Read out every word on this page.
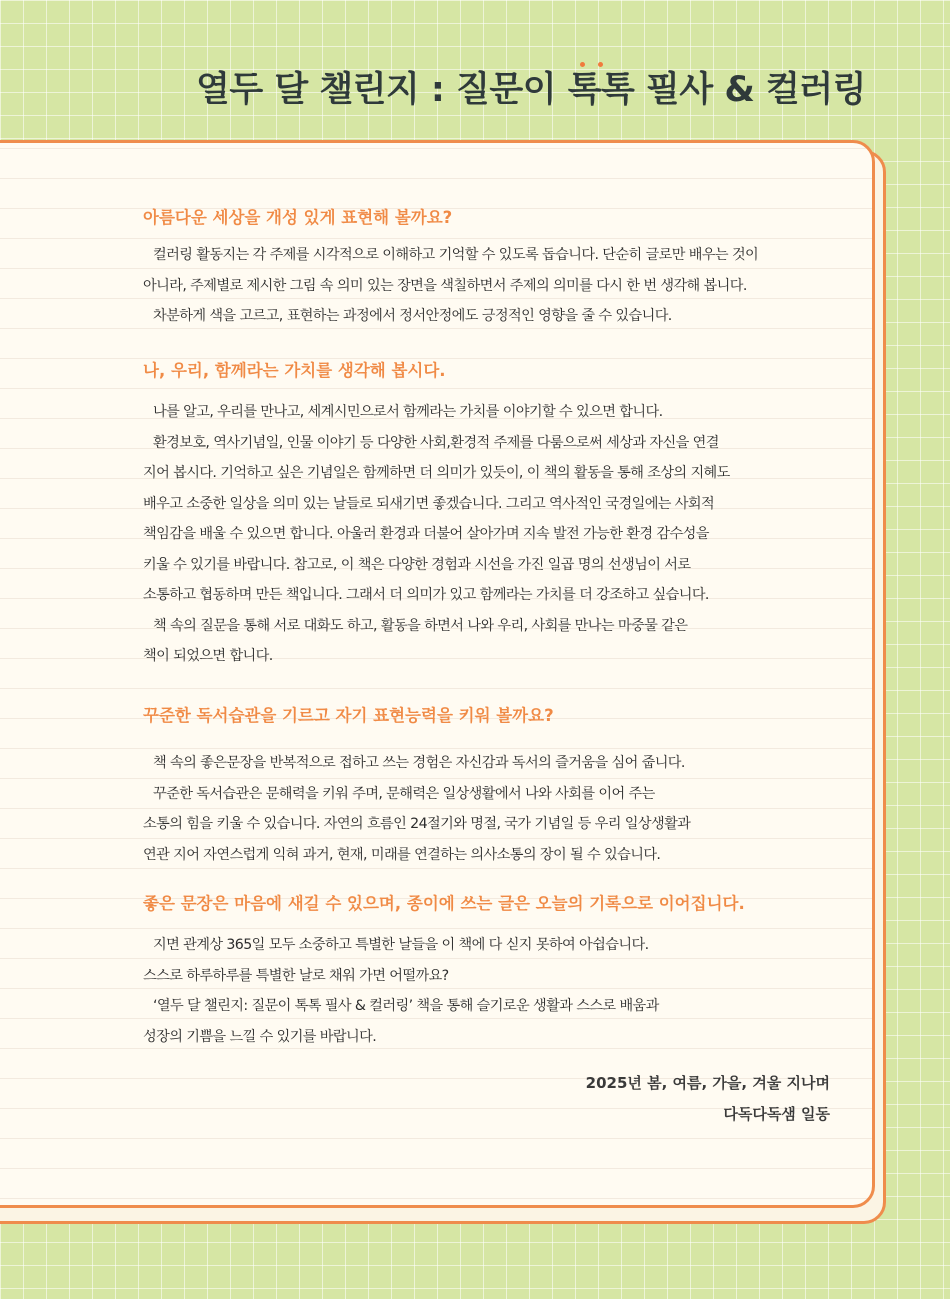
열두 달 챌린지 : 질문이 톡톡 필사 & 컬러링
아름다운 세상을 개성 있게 표현해 볼까요?

컬러링 활동지는 각 주제를 시각적으로 이해하고 기억할 수 있도록 돕습니다. 단순히 글로만 배우는 것이

아니라, 주제별로 제시한 그림 속 의미 있는 장면을 색칠하면서 주제의 의미를 다시 한 번 생각해 봅니다.

차분하게 색을 고르고, 표현하는 과정에서 정서안정에도 긍정적인 영향을 줄 수 있습니다.

나, 우리, 함께라는 가치를 생각해 봅시다.

나를 알고, 우리를 만나고, 세계시민으로서 함께라는 가치를 이야기할 수 있으면 합니다.

환경보호, 역사기념일, 인물 이야기 등 다양한 사회,환경적 주제를 다룸으로써 세상과 자신을 연결

지어 봅시다. 기억하고 싶은 기념일은 함께하면 더 의미가 있듯이, 이 책의 활동을 통해 조상의 지혜도

배우고 소중한 일상을 의미 있는 날들로 되새기면 좋겠습니다. 그리고 역사적인 국경일에는 사회적

책임감을 배울 수 있으면 합니다. 아울러 환경과 더불어 살아가며 지속 발전 가능한 환경 감수성을

키울 수 있기를 바랍니다. 참고로, 이 책은 다양한 경험과 시선을 가진 일곱 명의 선생님이 서로

소통하고 협동하며 만든 책입니다. 그래서 더 의미가 있고 함께라는 가치를 더 강조하고 싶습니다.

책 속의 질문을 통해 서로 대화도 하고, 활동을 하면서 나와 우리, 사회를 만나는 마중물 같은

책이 되었으면 합니다.

꾸준한 독서습관을 기르고 자기 표현능력을 키워 볼까요?

책 속의 좋은문장을 반복적으로 접하고 쓰는 경험은 자신감과 독서의 즐거움을 심어 줍니다.

꾸준한 독서습관은 문해력을 키워 주며, 문해력은 일상생활에서 나와 사회를 이어 주는

소통의 힘을 키울 수 있습니다. 자연의 흐름인 24절기와 명절, 국가 기념일 등 우리 일상생활과

연관 지어 자연스럽게 익혀 과거, 현재, 미래를 연결하는 의사소통의 장이 될 수 있습니다.

좋은 문장은 마음에 새길 수 있으며, 종이에 쓰는 글은 오늘의 기록으로 이어집니다.

지면 관계상 365일 모두 소중하고 특별한 날들을 이 책에 다 싣지 못하여 아쉽습니다.

스스로 하루하루를 특별한 날로 채워 가면 어떨까요?

‘열두 달 챌린지: 질문이 톡톡 필사 & 컬러링’ 책을 통해 슬기로운 생활과 스스로 배움과

성장의 기쁨을 느낄 수 있기를 바랍니다.

2025년 봄, 여름, 가을, 겨울 지나며
다독다독샘 일동
